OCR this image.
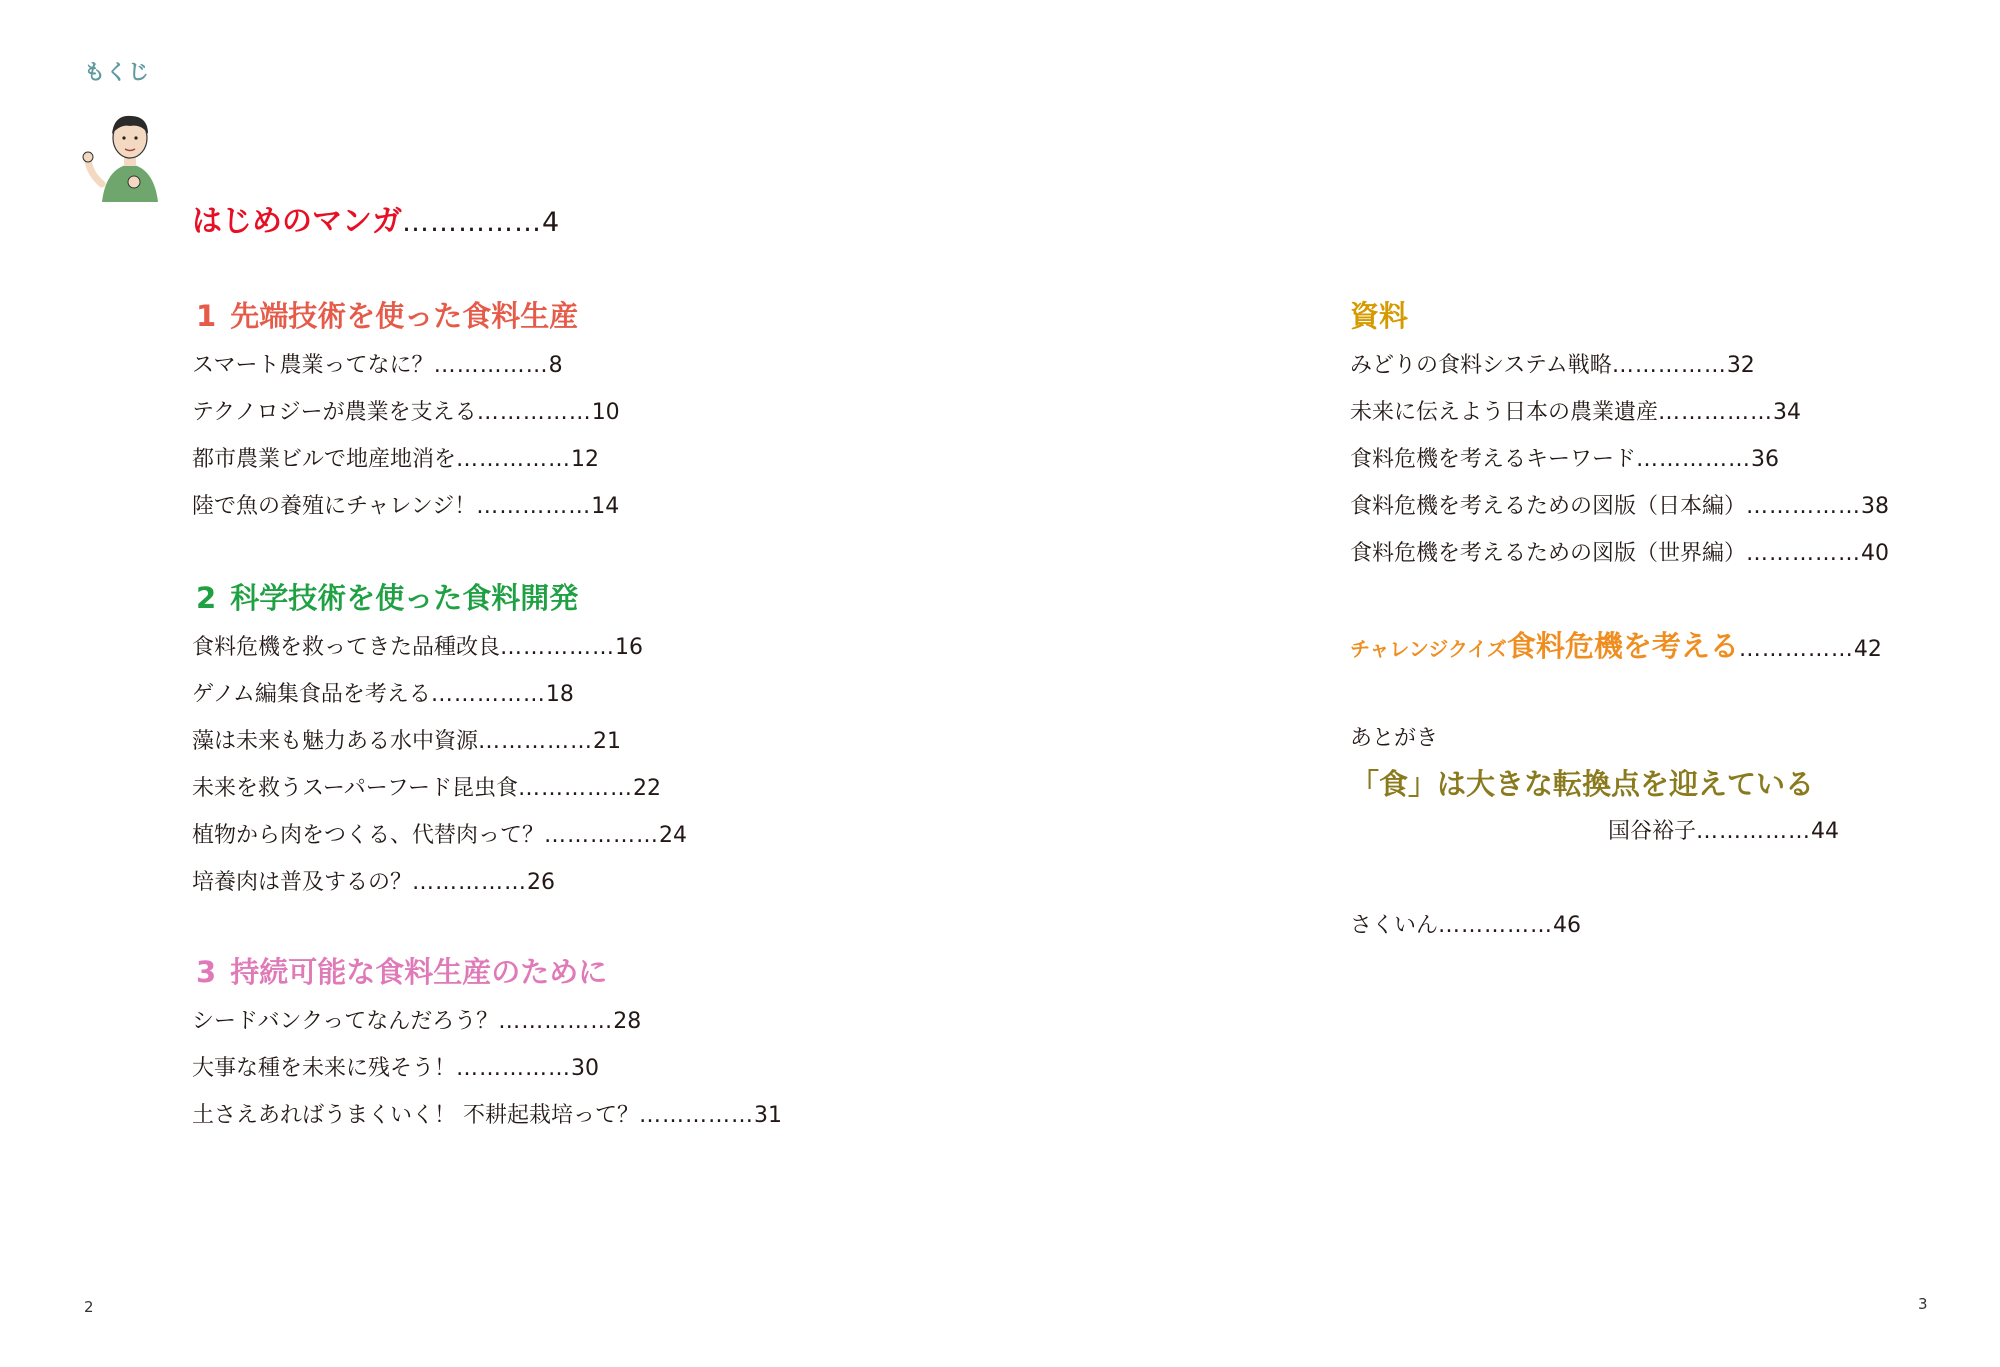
もくじ
はじめのマンガ……………4
1 先端技術を使った食料生産
スマート農業ってなに？……………8
テクノロジーが農業を支える……………10
都市農業ビルで地産地消を……………12
陸で魚の養殖にチャレンジ！……………14
2 科学技術を使った食料開発
食料危機を救ってきた品種改良……………16
ゲノム編集食品を考える……………18
藻は未来も魅力ある水中資源……………21
未来を救うスーパーフード昆虫食……………22
植物から肉をつくる、代替肉って？……………24
培養肉は普及するの？……………26
3 持続可能な食料生産のために
シードバンクってなんだろう？……………28
大事な種を未来に残そう！……………30
土さえあればうまくいく！ 不耕起栽培って？……………31
資料
みどりの食料システム戦略……………32
未来に伝えよう日本の農業遺産……………34
食料危機を考えるキーワード……………36
食料危機を考えるための図版（日本編）……………38
食料危機を考えるための図版（世界編）……………40
チャレンジクイズ食料危機を考える……………42
あとがき
「食」は大きな転換点を迎えている
国谷裕子……………44
さくいん……………46
2	3
